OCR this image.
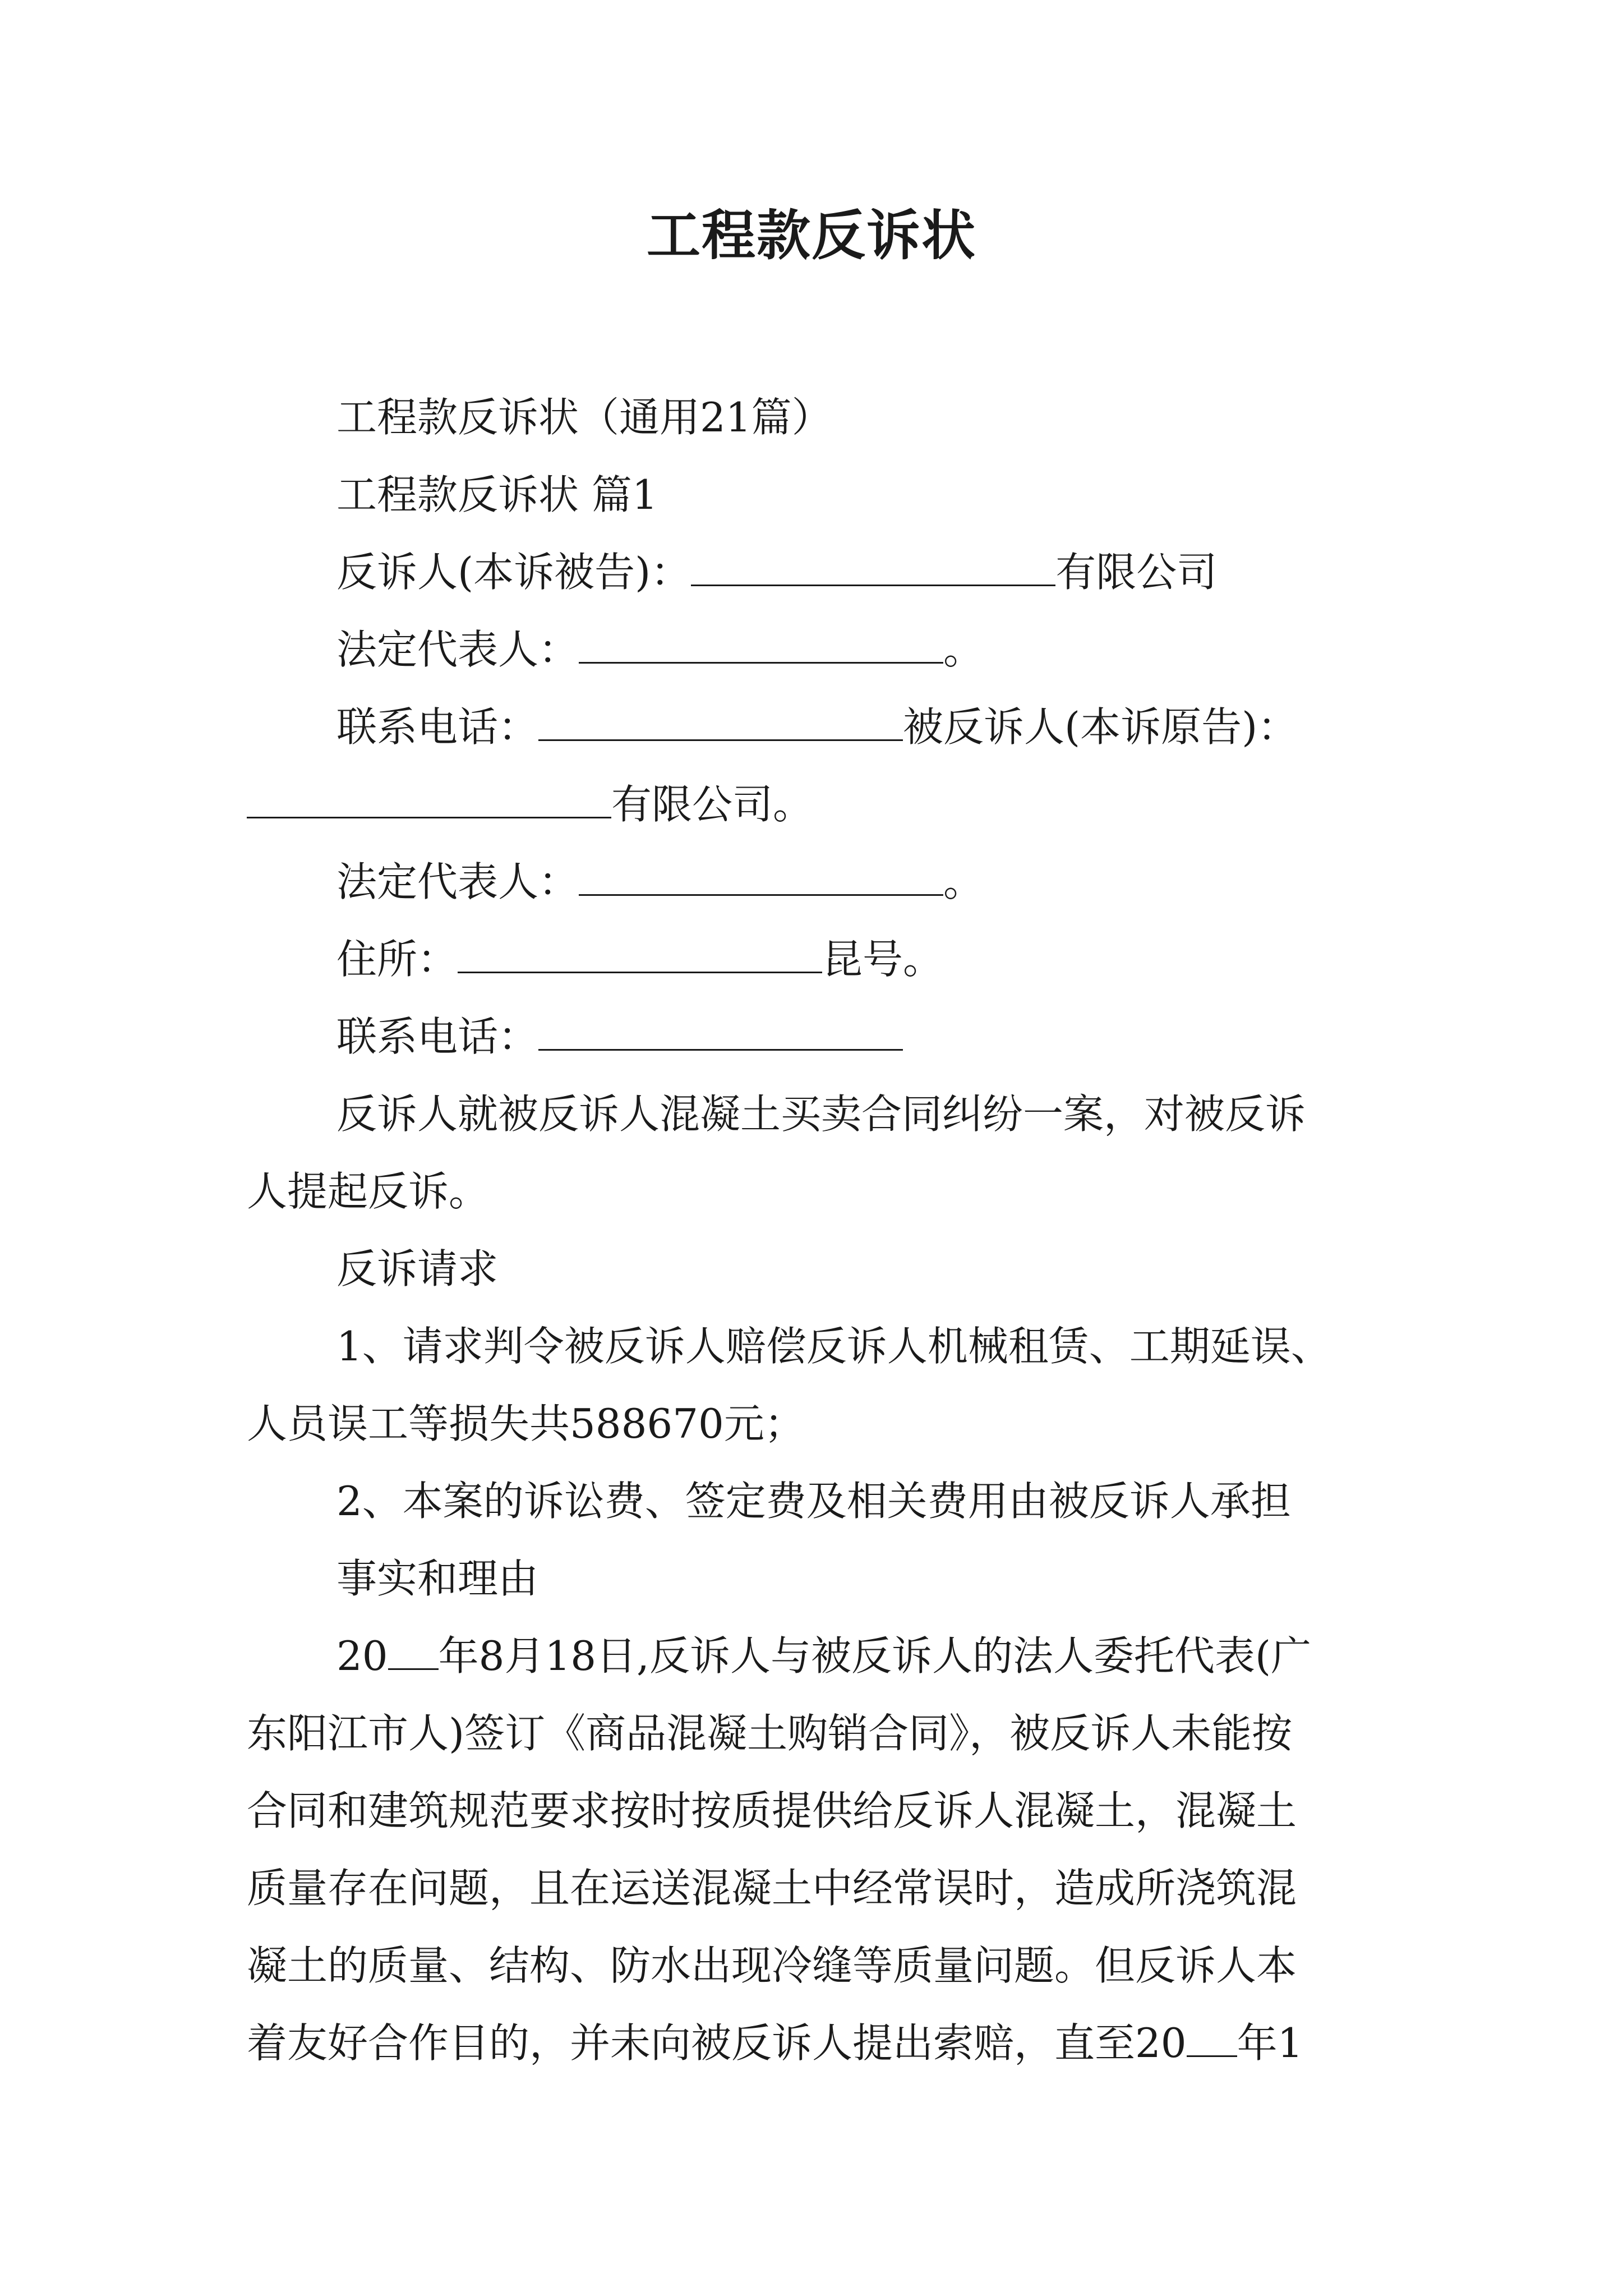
工程款反诉状

工程款反诉状（通用21篇）

工程款反诉状 篇1

反诉人(本诉被告)：	有限公司

法定代表人：	。

联系电话：	被反诉人(本诉原告)：

有限公司。

法定代表人：	。

住所：	昆号。

联系电话：

反诉人就被反诉人混凝土买卖合同纠纷一案，对被反诉

人提起反诉。

反诉请求

1、请求判令被反诉人赔偿反诉人机械租赁、工期延误、

人员误工等损失共588670元；

2、本案的诉讼费、签定费及相关费用由被反诉人承担

事实和理由

20 年8月18日,反诉人与被反诉人的法人委托代表(广

东阳江市人)签订《商品混凝土购销合同》，被反诉人未能按

合同和建筑规范要求按时按质提供给反诉人混凝土，混凝土

质量存在问题，且在运送混凝土中经常误时，造成所浇筑混

凝土的质量、结构、防水出现冷缝等质量问题。但反诉人本

着友好合作目的，并未向被反诉人提出索赔，直至20 年1
